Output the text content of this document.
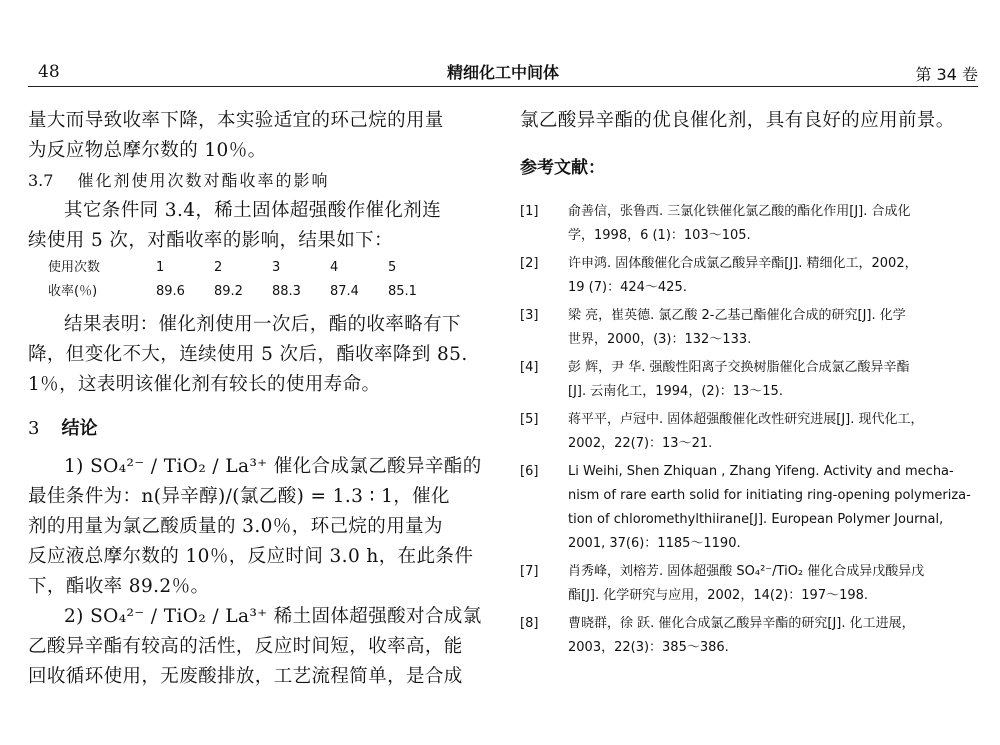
48	精细化工中间体	第 34 卷
量大而导致收率下降，本实验适宜的环己烷的用量
为反应物总摩尔数的 10％。
3.7 催化剂使用次数对酯收率的影响
其它条件同 3.4，稀土固体超强酸作催化剂连
续使用 5 次，对酯收率的影响，结果如下：
使用次数	1	2	3	4	5
收率(％)	89.6 89.2 88.3 87.4 85.1
结果表明：催化剂使用一次后，酯的收率略有下
降，但变化不大，连续使用 5 次后，酯收率降到 85.
1％，这表明该催化剂有较长的使用寿命。
3 结论
1) SO₄²⁻ / TiO₂ / La³⁺ 催化合成氯乙酸异辛酯的
最佳条件为：n(异辛醇)/(氯乙酸) = 1.3 ∶ 1，催化
剂的用量为氯乙酸质量的 3.0％，环己烷的用量为
反应液总摩尔数的 10％，反应时间 3.0 h，在此条件
下，酯收率 89.2％。
2) SO₄²⁻ / TiO₂ / La³⁺ 稀土固体超强酸对合成氯
乙酸异辛酯有较高的活性，反应时间短，收率高，能
回收循环使用，无废酸排放，工艺流程简单，是合成
氯乙酸异辛酯的优良催化剂，具有良好的应用前景。
参考文献：
[1] 俞善信，张鲁西. 三氯化铁催化氯乙酸的酯化作用[J]. 合成化
学，1998，6 (1)：103～105.
[2] 许申鸿. 固体酸催化合成氯乙酸异辛酯[J]. 精细化工，2002，
19 (7)：424～425.
[3] 梁 亮，崔英德. 氯乙酸 2-乙基己酯催化合成的研究[J]. 化学
世界，2000，(3)：132～133.
[4] 彭 辉，尹 华. 强酸性阳离子交换树脂催化合成氯乙酸异辛酯
[J]. 云南化工，1994，(2)：13～15.
[5] 蒋平平，卢冠中. 固体超强酸催化改性研究进展[J]. 现代化工，
2002，22(7)：13～21.
[6] Li Weihi, Shen Zhiquan , Zhang Yifeng. Activity and mecha-
nism of rare earth solid for initiating ring-opening polymeriza-
tion of chloromethylthiirane[J]. European Polymer Journal,
2001, 37(6)：1185～1190.
[7] 肖秀峰，刘榕芳. 固体超强酸 SO₄²⁻/TiO₂ 催化合成异戊酸异戊
酯[J]. 化学研究与应用，2002，14(2)：197～198.
[8] 曹晓群，徐 跃. 催化合成氯乙酸异辛酯的研究[J]. 化工进展，
2003，22(3)：385～386.
